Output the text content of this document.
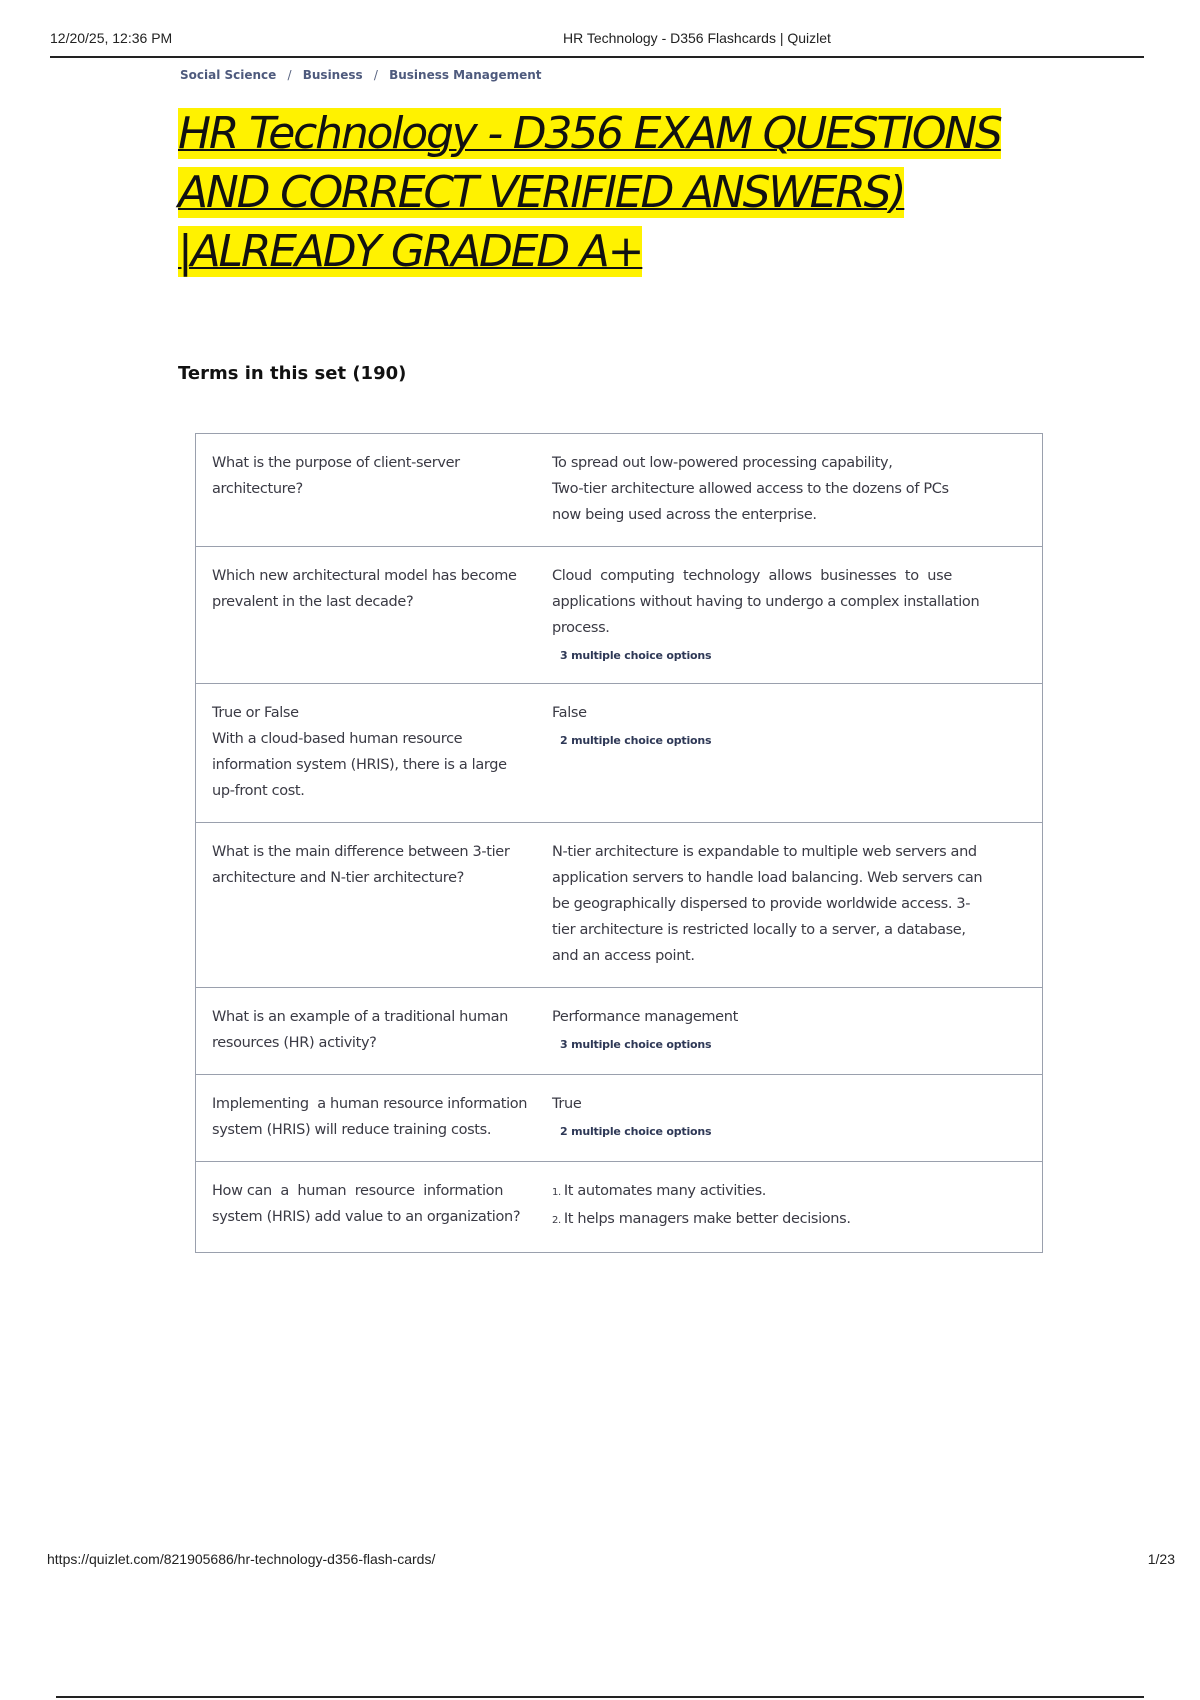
12/20/25, 12:36 PM	HR Technology - D356 Flashcards | Quizlet
Social Science / Business / Business Management
HR Technology - D356 EXAM QUESTIONS
AND CORRECT VERIFIED ANSWERS)
|ALREADY GRADED A+
Terms in this set (190)
What is the purpose of client-server
architecture?
To spread out low-powered processing capability,
Two-tier architecture allowed access to the dozens of PCs
now being used across the enterprise.
Which new architectural model has become
prevalent in the last decade?
Cloud  computing  technology  allows  businesses  to  use
applications without having to undergo a complex installation
process.
3 multiple choice options
True or False
With a cloud-based human resource
information system (HRIS), there is a large
up-front cost.
False
2 multiple choice options
What is the main difference between 3-tier
architecture and N-tier architecture?
N-tier architecture is expandable to multiple web servers and
application servers to handle load balancing. Web servers can
be geographically dispersed to provide worldwide access. 3-
tier architecture is restricted locally to a server, a database,
and an access point.
What is an example of a traditional human
resources (HR) activity?
Performance management
3 multiple choice options
Implementing  a human resource information
system (HRIS) will reduce training costs.
True
2 multiple choice options
How can  a  human  resource  information
system (HRIS) add value to an organization?
1. It automates many activities.
2. It helps managers make better decisions.
https://quizlet.com/821905686/hr-technology-d356-flash-cards/	1/23
